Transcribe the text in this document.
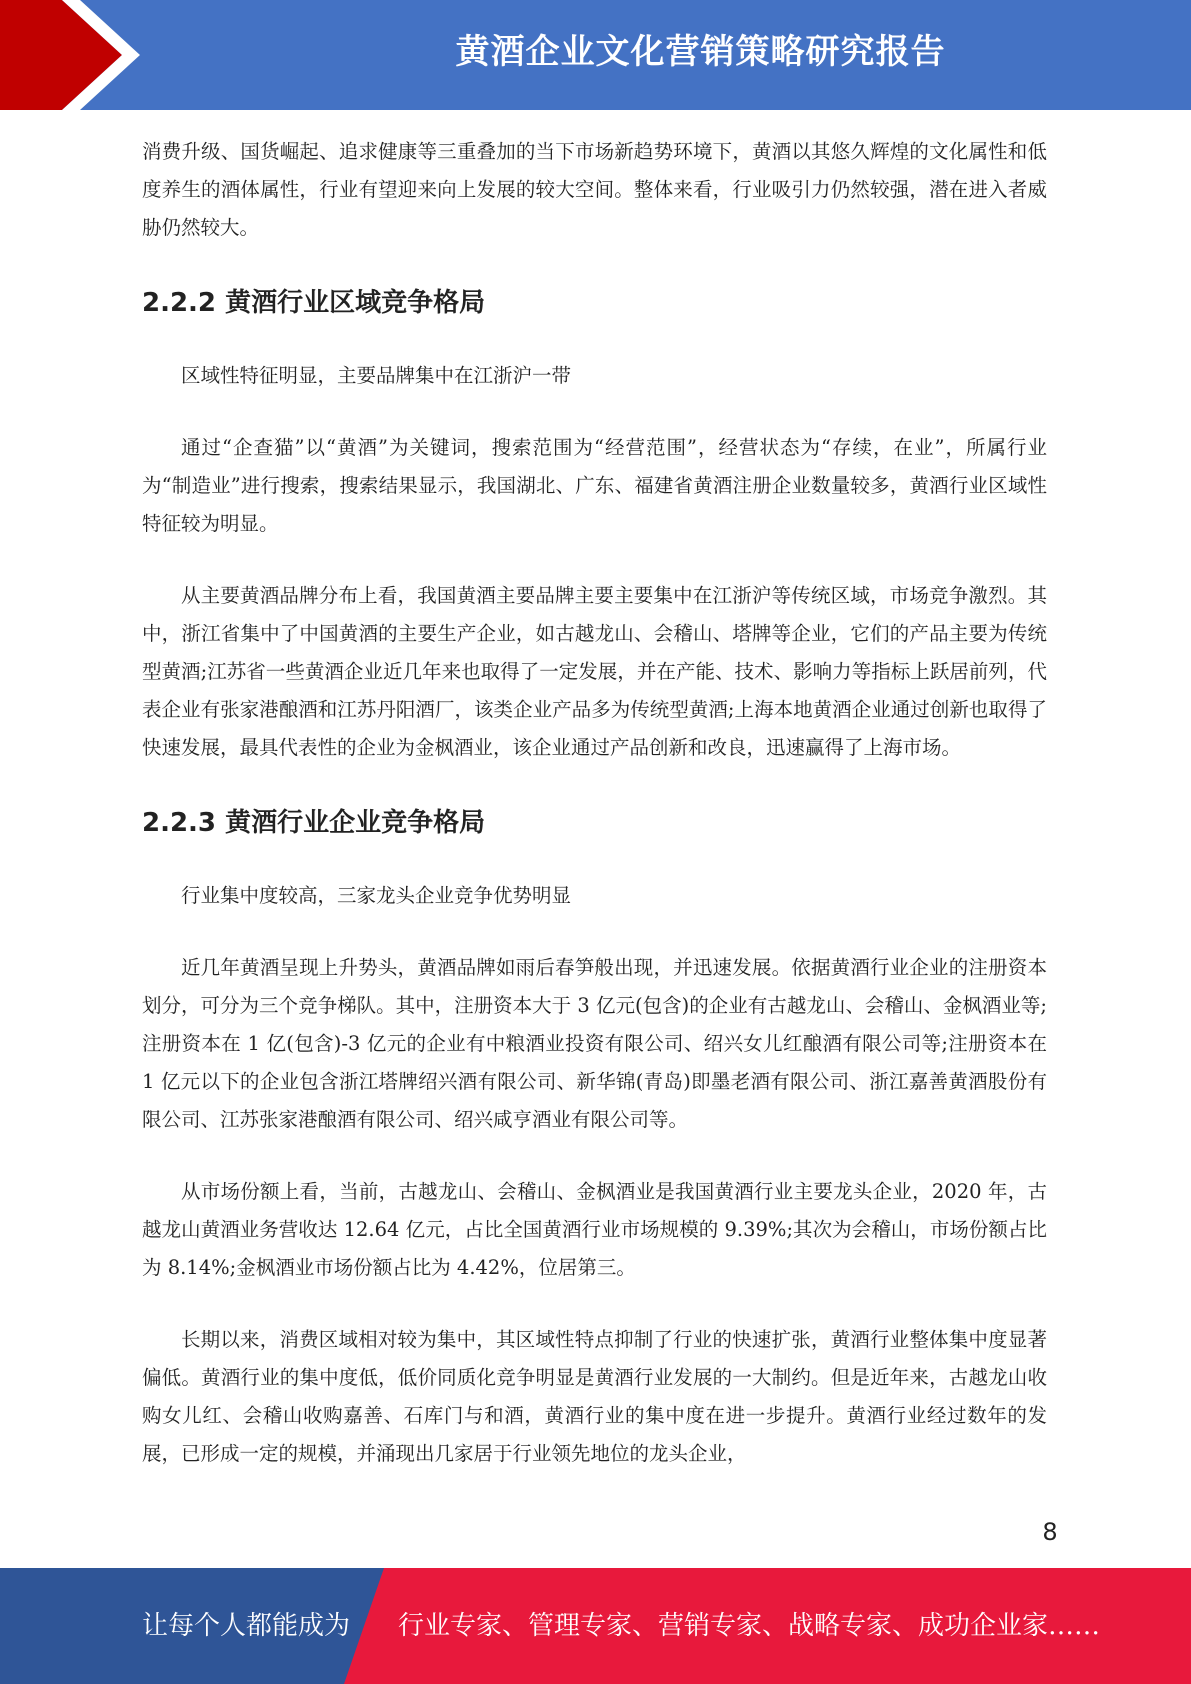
黄酒企业文化营销策略研究报告

消费升级、国货崛起、追求健康等三重叠加的当下市场新趋势环境下，黄酒以其悠久辉煌的文化属性和低度养生的酒体属性，行业有望迎来向上发展的较大空间。整体来看，行业吸引力仍然较强，潜在进入者威胁仍然较大。

2.2.2 黄酒行业区域竞争格局

区域性特征明显，主要品牌集中在江浙沪一带

通过“企查猫”以“黄酒”为关键词，搜索范围为“经营范围”，经营状态为“存续，在业”，所属行业为“制造业”进行搜索，搜索结果显示，我国湖北、广东、福建省黄酒注册企业数量较多，黄酒行业区域性特征较为明显。

从主要黄酒品牌分布上看，我国黄酒主要品牌主要主要集中在江浙沪等传统区域，市场竞争激烈。其中，浙江省集中了中国黄酒的主要生产企业，如古越龙山、会稽山、塔牌等企业，它们的产品主要为传统型黄酒;江苏省一些黄酒企业近几年来也取得了一定发展，并在产能、技术、影响力等指标上跃居前列，代表企业有张家港酿酒和江苏丹阳酒厂，该类企业产品多为传统型黄酒;上海本地黄酒企业通过创新也取得了快速发展，最具代表性的企业为金枫酒业，该企业通过产品创新和改良，迅速赢得了上海市场。

2.2.3 黄酒行业企业竞争格局

行业集中度较高，三家龙头企业竞争优势明显

近几年黄酒呈现上升势头，黄酒品牌如雨后春笋般出现，并迅速发展。依据黄酒行业企业的注册资本划分，可分为三个竞争梯队。其中，注册资本大于 3 亿元(包含)的企业有古越龙山、会稽山、金枫酒业等;注册资本在 1 亿(包含)-3 亿元的企业有中粮酒业投资有限公司、绍兴女儿红酿酒有限公司等;注册资本在 1 亿元以下的企业包含浙江塔牌绍兴酒有限公司、新华锦(青岛)即墨老酒有限公司、浙江嘉善黄酒股份有限公司、江苏张家港酿酒有限公司、绍兴咸亨酒业有限公司等。

从市场份额上看，当前，古越龙山、会稽山、金枫酒业是我国黄酒行业主要龙头企业，2020 年，古越龙山黄酒业务营收达 12.64 亿元，占比全国黄酒行业市场规模的 9.39%;其次为会稽山，市场份额占比为 8.14%;金枫酒业市场份额占比为 4.42%，位居第三。

长期以来，消费区域相对较为集中，其区域性特点抑制了行业的快速扩张，黄酒行业整体集中度显著偏低。黄酒行业的集中度低，低价同质化竞争明显是黄酒行业发展的一大制约。但是近年来，古越龙山收购女儿红、会稽山收购嘉善、石库门与和酒，黄酒行业的集中度在进一步提升。黄酒行业经过数年的发展，已形成一定的规模，并涌现出几家居于行业领先地位的龙头企业，

8
让每个人都能成为 行业专家、管理专家、营销专家、战略专家、成功企业家……
